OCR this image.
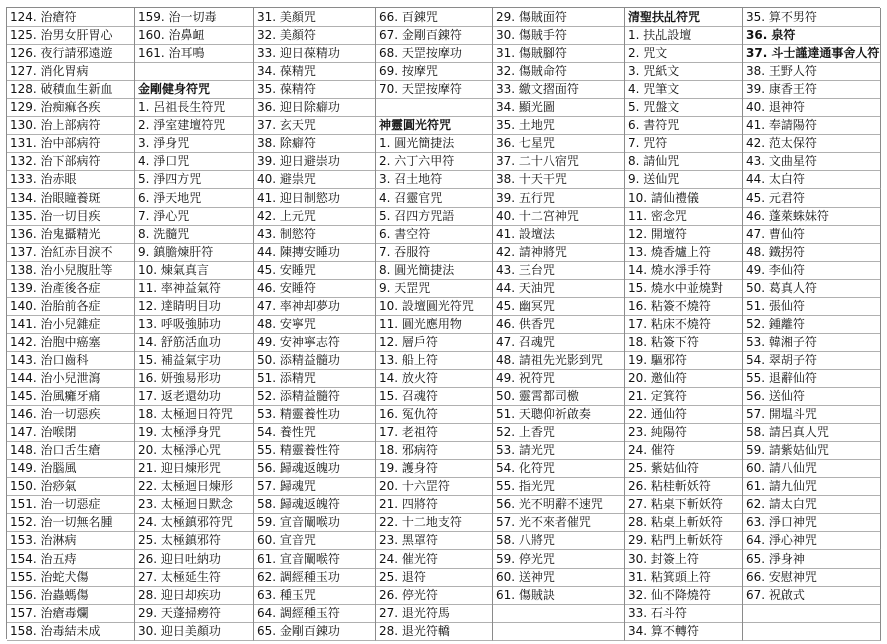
124. 治瘡符
125. 治男女肝胃心
126. 夜行請邪遠遊
127. 消化胃病
128. 破積血生新血
129. 治痴痲各疾
130. 治上部病符
131. 治中部病符
132. 治下部病符
133. 治赤眼
134. 治眼瞳養斑
135. 治一切目疾
136. 治鬼攝精光
137. 治紅赤目淚不
138. 治小兒腹肚等
139. 治產後各症
140. 治胎前各症
141. 治小兒雜症
142. 治胞中癌塞
143. 治口齒科
144. 治小兒泄瀉
145. 治風癱牙痛
146. 治一切惡疾
147. 治喉閉
148. 治口舌生瘡
149. 治腦風
150. 治痧氣
151. 治一切惡症
152. 治一切無名腫
153. 治淋病
154. 治五痔
155. 治蛇犬傷
156. 治蟲螞傷
157. 治瘡毒爛
158. 治毒結未成
159. 治一切毒
160. 治鼻衄
161. 治耳鳴
金剛健身符咒
1. 呂祖長生符咒
2. 淨室建壇符咒
3. 淨身咒
4. 淨口咒
5. 淨四方咒
6. 淨天地咒
7. 淨心咒
8. 洗髓咒
9. 鎮膽煉肝符
10. 煉氣真言
11. 率神益氣符
12. 達睛明目功
13. 呼吸強肺功
14. 舒筋活血功
15. 補益氣宇功
16. 妍強易形功
17. 返老還幼功
18. 太極迴日符咒
19. 太極淨身咒
20. 太極淨心咒
21. 迎日煉形咒
22. 太極迴日煉形
23. 太極迴日默念
24. 太極鎮邪符咒
25. 太極鎮邪符
26. 迎日吐納功
27. 太極延生符
28. 迎日却疾功
29. 天蓬掃癆符
30. 迎日美顏功
31. 美顏咒
32. 美顏符
33. 迎日葆精功
34. 葆精咒
35. 葆精符
36. 迎日除癖功
37. 玄天咒
38. 除癖符
39. 迎日避崇功
40. 避祟咒
41. 迎日制慾功
42. 上元咒
43. 制慾符
44. 陳摶安睡功
45. 安睡咒
46. 安睡符
47. 率神却夢功
48. 安寧咒
49. 安神寧志符
50. 添精益髓功
51. 添精咒
52. 添精益髓符
53. 精靈養性功
54. 養性咒
55. 精靈養性符
56. 歸魂返魄功
57. 歸魂咒
58. 歸魂返魄符
59. 宣音闡喉功
60. 宣音咒
61. 宣音闡喉符
62. 調經種玉功
63. 種玉咒
64. 調經種玉符
65. 金剛百錬功
66. 百錬咒
67. 金剛百錬符
68. 天罡按摩功
69. 按摩咒
70. 天罡按摩符
神靈圓光符咒
1. 圓光簡捷法
2. 六丁六甲符
3. 召土地符
4. 召靈官咒
5. 召四方咒語
6. 書空符
7. 吞服符
8. 圓光簡捷法
9. 天罡咒
10. 設壇圓光符咒
11. 圓光應用物
12. 層戶符
13. 船上符
14. 放火符
15. 召魂符
16. 冤仇符
17. 老祖符
18. 邪病符
19. 護身符
20. 十六罡符
21. 四將符
22. 十二地支符
23. 黑罩符
24. 催光符
25. 退符
26. 停光符
27. 退光符馬
28. 退光符轎
29. 傷賊面符
30. 傷賊手符
31. 傷賊腳符
32. 傷賊命符
33. 繳文摺面符
34. 顯光圖
35. 土地咒
36. 七星咒
37. 二十八宿咒
38. 十天干咒
39. 五行咒
40. 十二宮神咒
41. 設壇法
42. 請神將咒
43. 三台咒
44. 天油咒
45. 幽冥咒
46. 供香咒
47. 召魂咒
48. 請祖先光影到咒
49. 祝符咒
50. 靈霄都司檄
51. 天聰仰祈啟奏
52. 上香咒
53. 請光咒
54. 化符咒
55. 指光咒
56. 光不明辭不速咒
57. 光不來者催咒
58. 八將咒
59. 停光咒
60. 送神咒
61. 傷賊訣
清聖扶乩符咒
1. 扶乩設壇
2. 咒文
3. 咒紙文
4. 咒筆文
5. 咒盤文
6. 書符咒
7. 咒符
8. 請仙咒
9. 送仙咒
10. 請仙禮儀
11. 密念咒
12. 開壇符
13. 燒香爐上符
14. 燒水淨手符
15. 燒水中並燒對
16. 粘簽不燒符
17. 粘床不燒符
18. 粘簽下符
19. 驅邪符
20. 邀仙符
21. 定箕符
22. 通仙符
23. 純陽符
24. 催符
25. 紫姑仙符
26. 粘桂斬妖符
27. 粘桌下斬妖符
28. 粘桌上斬妖符
29. 粘門上斬妖符
30. 封簽上符
31. 粘箕頭上符
32. 仙不降燒符
33. 石斗符
34. 算不轉符
35. 算不男符
36. 泉符
37. 斗士謹達通事舍人符
38. 王野人符
39. 康香王符
40. 退神符
41. 奉請陽符
42. 范太保符
43. 文曲星符
44. 太白符
45. 元君符
46. 蓬萊蛛妹符
47. 曹仙符
48. 鐵拐符
49. 李仙符
50. 葛真人符
51. 張仙符
52. 鍾離符
53. 韓湘子符
54. 翠胡子符
55. 退辭仙符
56. 送仙符
57. 開塭斗咒
58. 請呂真人咒
59. 請紫姑仙咒
60. 請八仙咒
61. 請九仙咒
62. 請太白咒
63. 淨口神咒
64. 淨心神咒
65. 淨身神
66. 安慰神咒
67. 祝啟式
